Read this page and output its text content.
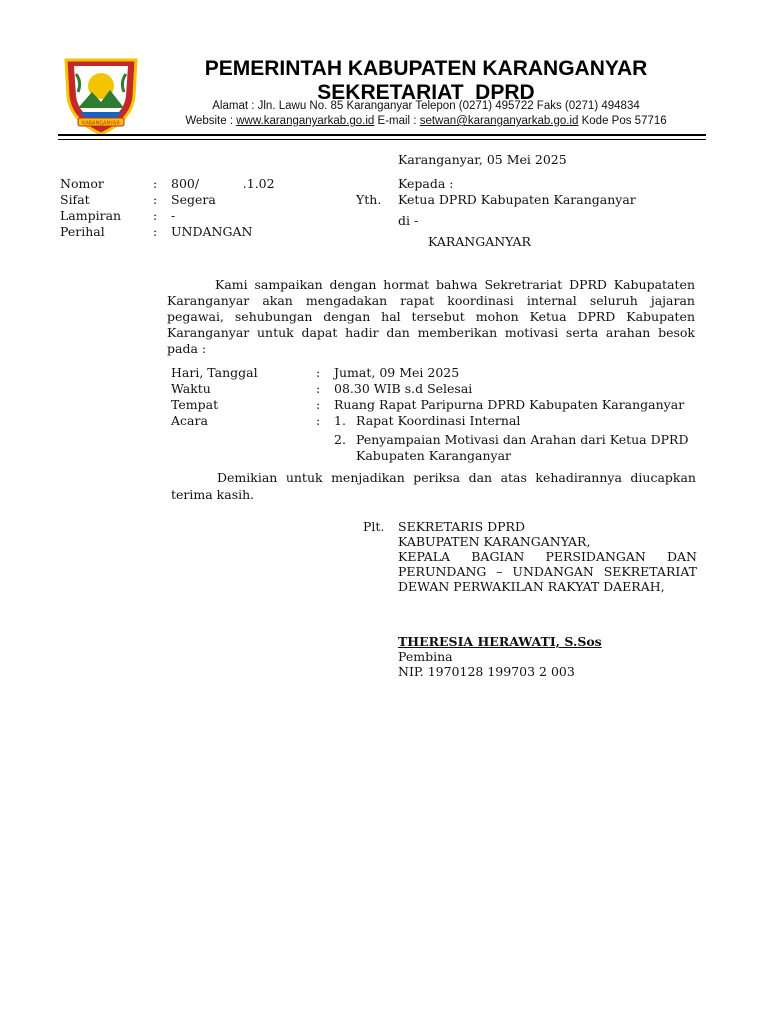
KARANGANYAR
PEMERINTAH KABUPATEN KARANGANYAR
SEKRETARIAT  DPRD
Alamat : Jln. Lawu No. 85 Karanganyar Telepon (0271) 495722 Faks (0271) 494834
Website : www.karanganyarkab.go.id E-mail : setwan@karanganyarkab.go.id Kode Pos 57716
Karanganyar, 05 Mei 2025
Nomor	: 800/           .1.02
Sifat	: Segera
Lampiran	: -
Perihal	: UNDANGAN
Yth.
Kepada :
Ketua DPRD Kabupaten Karanganyar
di -
KARANGANYAR
Kami sampaikan dengan hormat bahwa Sekretrariat DPRD Kabupataten
Karanganyar akan mengadakan rapat koordinasi internal seluruh jajaran
pegawai, sehubungan dengan hal tersebut mohon Ketua DPRD Kabupaten
Karanganyar untuk dapat hadir dan memberikan motivasi serta arahan besok
pada :
Hari, Tanggal	: Jumat, 09 Mei 2025
Waktu	: 08.30 WIB s.d Selesai
Tempat	: Ruang Rapat Paripurna DPRD Kabupaten Karanganyar
Acara	: 1. Rapat Koordinasi Internal
2. Penyampaian Motivasi dan Arahan dari Ketua DPRD
Kabupaten Karanganyar
Demikian untuk menjadikan periksa dan atas kehadirannya diucapkan
terima kasih.
Plt. SEKRETARIS DPRD
KABUPATEN KARANGANYAR,
KEPALA   BAGIAN   PERSIDANGAN   DAN
PERUNDANG – UNDANGAN SEKRETARIAT
DEWAN PERWAKILAN RAKYAT DAERAH,
THERESIA HERAWATI, S.Sos
Pembina
NIP. 1970128 199703 2 003
